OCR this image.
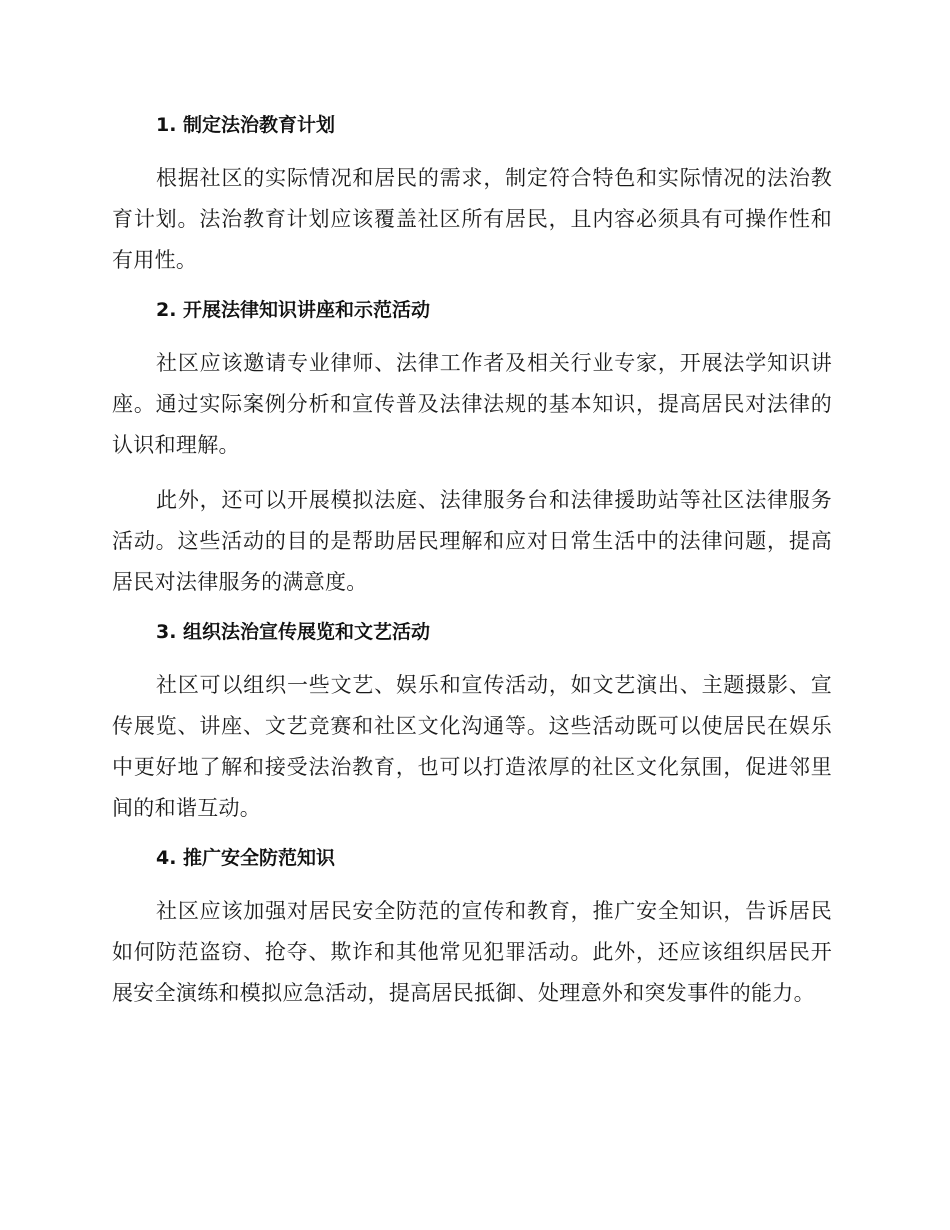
1. 制定法治教育计划

根据社区的实际情况和居民的需求，制定符合特色和实际情况的法治教育计划。法治教育计划应该覆盖社区所有居民，且内容必须具有可操作性和有用性。

2. 开展法律知识讲座和示范活动

社区应该邀请专业律师、法律工作者及相关行业专家，开展法学知识讲座。通过实际案例分析和宣传普及法律法规的基本知识，提高居民对法律的认识和理解。

此外，还可以开展模拟法庭、法律服务台和法律援助站等社区法律服务活动。这些活动的目的是帮助居民理解和应对日常生活中的法律问题，提高居民对法律服务的满意度。

3. 组织法治宣传展览和文艺活动

社区可以组织一些文艺、娱乐和宣传活动，如文艺演出、主题摄影、宣传展览、讲座、文艺竞赛和社区文化沟通等。这些活动既可以使居民在娱乐中更好地了解和接受法治教育，也可以打造浓厚的社区文化氛围，促进邻里间的和谐互动。

4. 推广安全防范知识

社区应该加强对居民安全防范的宣传和教育，推广安全知识，告诉居民如何防范盗窃、抢夺、欺诈和其他常见犯罪活动。此外，还应该组织居民开展安全演练和模拟应急活动，提高居民抵御、处理意外和突发事件的能力。
